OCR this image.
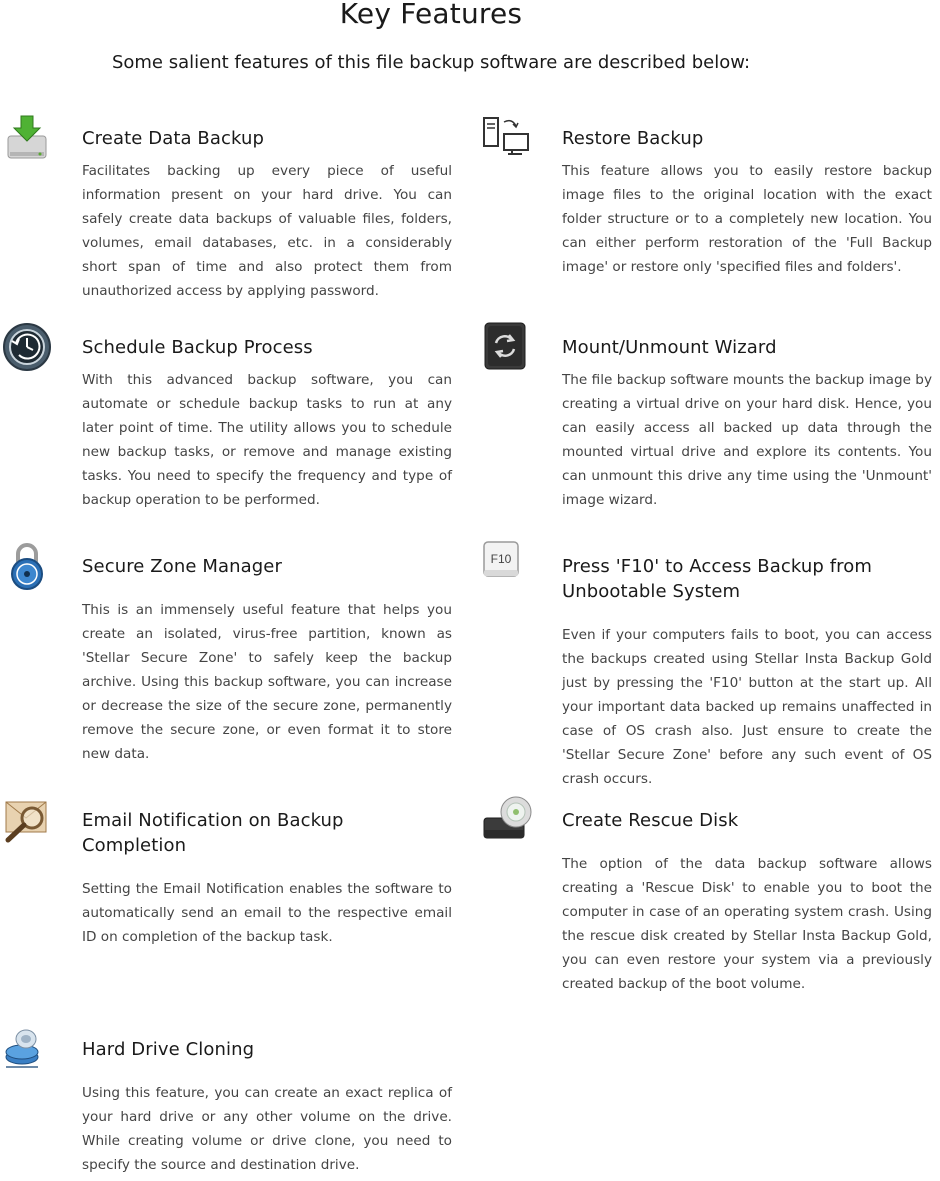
Key Features

Some salient features of this file backup software are described below:

Create Data Backup

Facilitates backing up every piece of useful information present on your hard drive. You can safely create data backups of valuable files, folders, volumes, email databases, etc. in a considerably short span of time and also protect them from unauthorized access by applying password.

Restore Backup

This feature allows you to easily restore backup image files to the original location with the exact folder structure or to a completely new location. You can either perform restoration of the 'Full Backup image' or restore only 'specified files and folders'.

Schedule Backup Process

With this advanced backup software, you can automate or schedule backup tasks to run at any later point of time. The utility allows you to schedule new backup tasks, or remove and manage existing tasks. You need to specify the frequency and type of backup operation to be performed.

Mount/Unmount Wizard

The file backup software mounts the backup image by creating a virtual drive on your hard disk. Hence, you can easily access all backed up data through the mounted virtual drive and explore its contents. You can unmount this drive any time using the 'Unmount' image wizard.

Secure Zone Manager

This is an immensely useful feature that helps you create an isolated, virus-free partition, known as 'Stellar Secure Zone' to safely keep the backup archive. Using this backup software, you can increase or decrease the size of the secure zone, permanently remove the secure zone, or even format it to store new data.

F10	Press 'F10' to Access Backup from Unbootable System

Even if your computers fails to boot, you can access the backups created using Stellar Insta Backup Gold just by pressing the 'F10' button at the start up. All your important data backed up remains unaffected in case of OS crash also. Just ensure to create the 'Stellar Secure Zone' before any such event of OS crash occurs.

Email Notification on Backup Completion

Setting the Email Notification enables the software to automatically send an email to the respective email ID on completion of the backup task.

Create Rescue Disk

The option of the data backup software allows creating a 'Rescue Disk' to enable you to boot the computer in case of an operating system crash. Using the rescue disk created by Stellar Insta Backup Gold, you can even restore your system via a previously created backup of the boot volume.

Hard Drive Cloning

Using this feature, you can create an exact replica of your hard drive or any other volume on the drive. While creating volume or drive clone, you need to specify the source and destination drive.
